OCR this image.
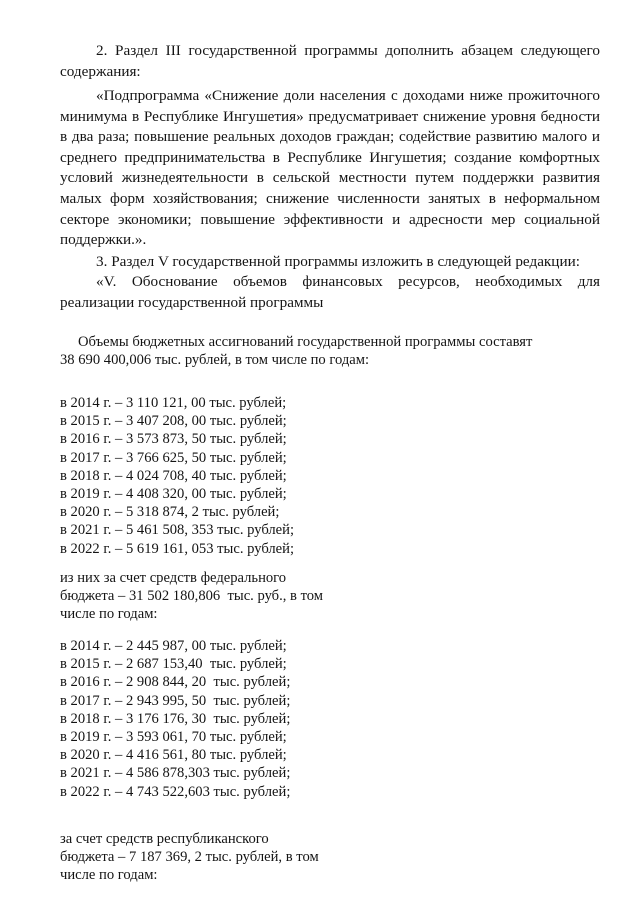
2. Раздел III государственной программы дополнить абзацем следующего содержания:

«Подпрограмма «Снижение доли населения с доходами ниже прожиточного минимума в Республике Ингушетия» предусматривает снижение уровня бедности в два раза; повышение реальных доходов граждан; содействие развитию малого и среднего предпринимательства в Республике Ингушетия; создание комфортных условий жизнедеятельности в сельской местности путем поддержки развития малых форм хозяйствования; снижение численности занятых в неформальном секторе экономики; повышение эффективности и адресности мер социальной поддержки.».

3. Раздел V государственной программы изложить в следующей редакции:

«V. Обоснование объемов финансовых ресурсов, необходимых для реализации государственной программы

Объемы бюджетных ассигнований государственной программы составят
38 690 400,006 тыс. рублей, в том числе по годам:
в 2014 г. – 3 110 121, 00 тыс. рублей;
в 2015 г. – 3 407 208, 00 тыс. рублей;
в 2016 г. – 3 573 873, 50 тыс. рублей;
в 2017 г. – 3 766 625, 50 тыс. рублей;
в 2018 г. – 4 024 708, 40 тыс. рублей;
в 2019 г. – 4 408 320, 00 тыс. рублей;
в 2020 г. – 5 318 874, 2 тыс. рублей;
в 2021 г. – 5 461 508, 353 тыс. рублей;
в 2022 г. – 5 619 161, 053 тыс. рублей;
из них за счет средств федерального
бюджета – 31 502 180,806  тыс. руб., в том
числе по годам:
в 2014 г. – 2 445 987, 00 тыс. рублей;
в 2015 г. – 2 687 153,40  тыс. рублей;
в 2016 г. – 2 908 844, 20  тыс. рублей;
в 2017 г. – 2 943 995, 50  тыс. рублей;
в 2018 г. – 3 176 176, 30  тыс. рублей;
в 2019 г. – 3 593 061, 70 тыс. рублей;
в 2020 г. – 4 416 561, 80 тыс. рублей;
в 2021 г. – 4 586 878,303 тыс. рублей;
в 2022 г. – 4 743 522,603 тыс. рублей;
за счет средств республиканского
бюджета – 7 187 369, 2 тыс. рублей, в том
числе по годам:
